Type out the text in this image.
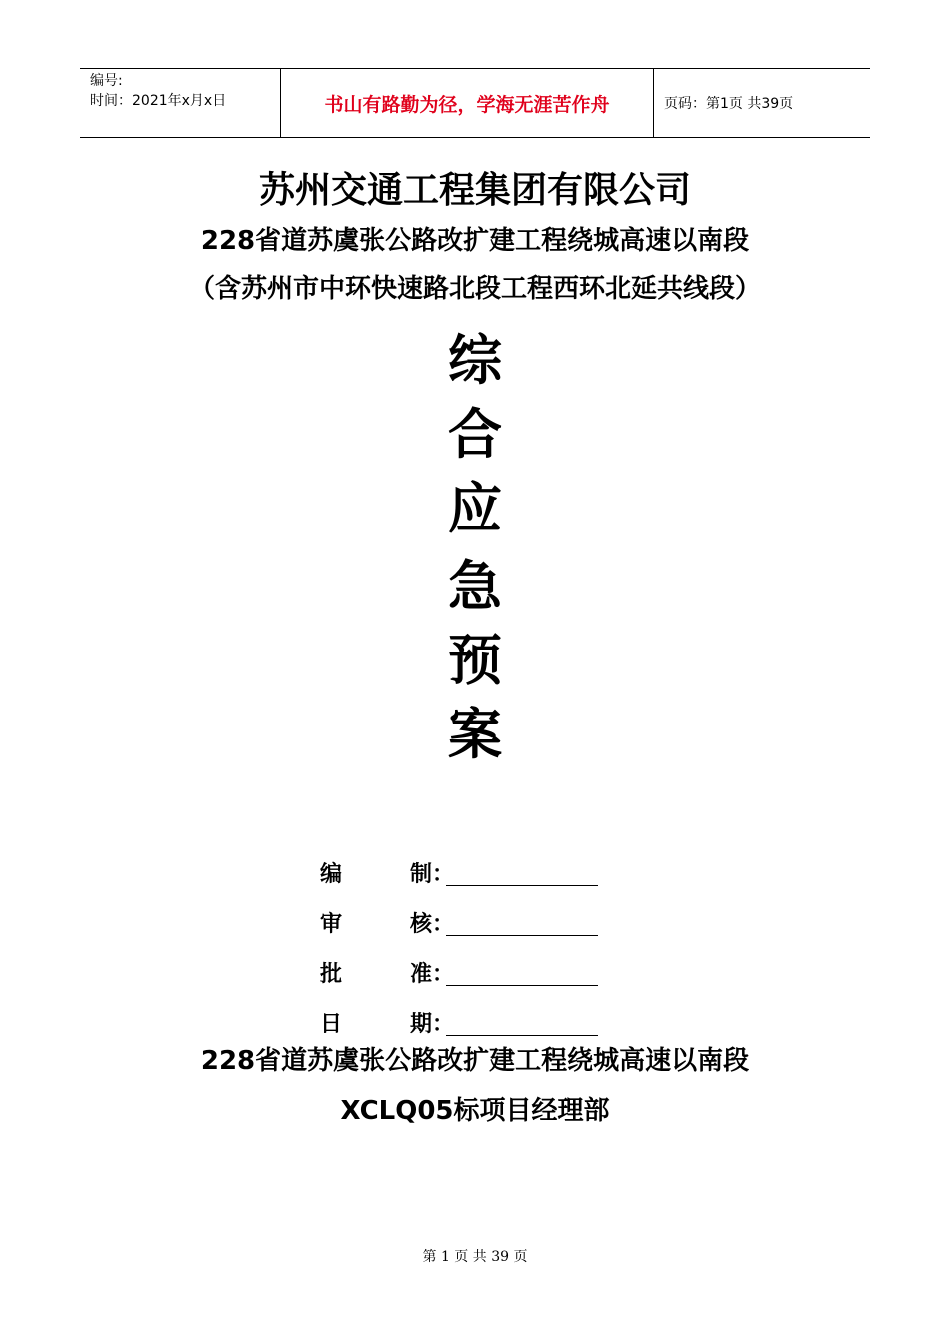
编号:
时间：2021年x月x日	书山有路勤为径，学海无涯苦作舟	页码：第1页 共39页
苏州交通工程集团有限公司
228省道苏虞张公路改扩建工程绕城高速以南段
（含苏州市中环快速路北段工程西环北延共线段）
综
合
应
急
预
案
编	制 ：
审	核 ：
批	准 ：
日	期 ：
228省道苏虞张公路改扩建工程绕城高速以南段
XCLQ05标项目经理部
第 1 页 共 39 页
